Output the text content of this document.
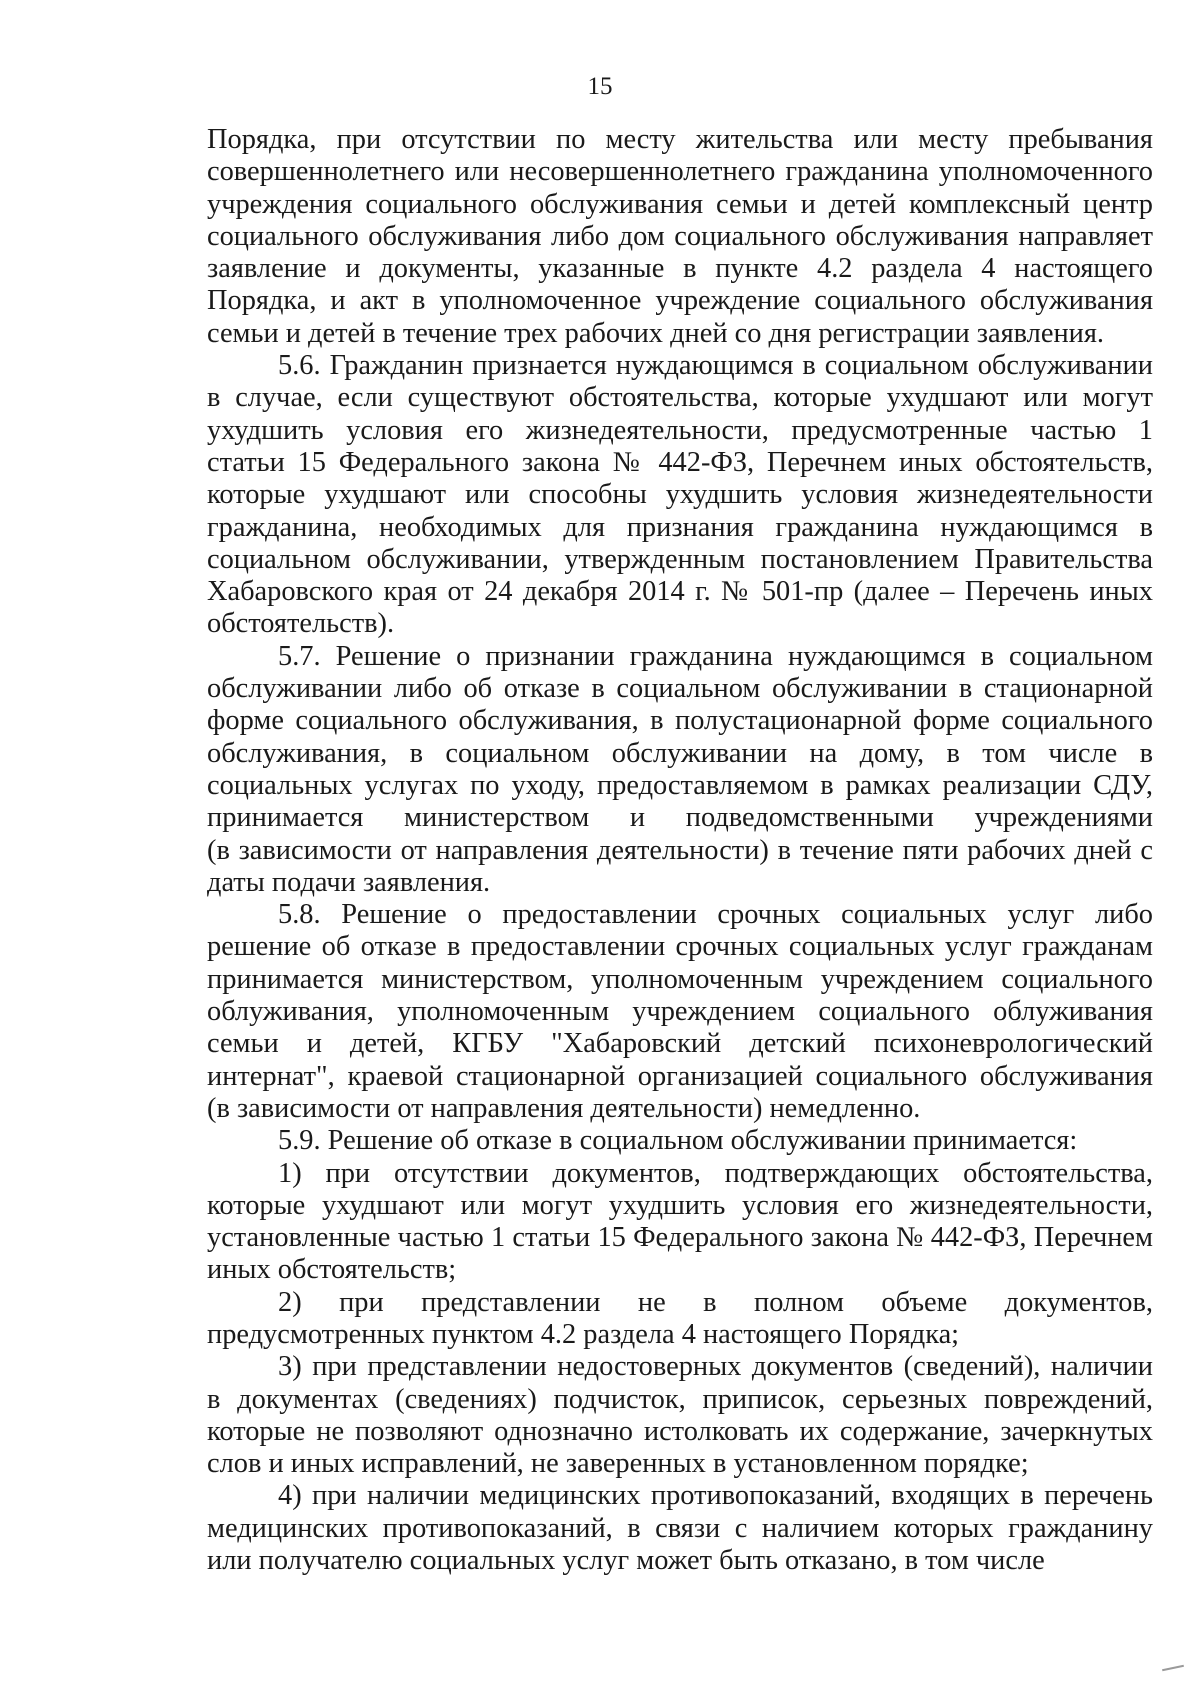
15
Порядка, при отсутствии по месту жительства или месту пребывания
совершеннолетнего или несовершеннолетнего гражданина уполномоченного
учреждения социального обслуживания семьи и детей комплексный центр
социального обслуживания либо дом социального обслуживания направляет
заявление и документы, указанные в пункте 4.2 раздела 4 настоящего
Порядка, и акт в уполномоченное учреждение социального обслуживания
семьи и детей в течение трех рабочих дней со дня регистрации заявления.
5.6. Гражданин признается нуждающимся в социальном обслуживании
в случае, если существуют обстоятельства, которые ухудшают или могут
ухудшить условия его жизнедеятельности, предусмотренные частью 1
статьи 15 Федерального закона № 442-ФЗ, Перечнем иных обстоятельств,
которые ухудшают или способны ухудшить условия жизнедеятельности
гражданина, необходимых для признания гражданина нуждающимся в
социальном обслуживании, утвержденным постановлением Правительства
Хабаровского края от 24 декабря 2014 г. № 501-пр (далее – Перечень иных
обстоятельств).
5.7. Решение о признании гражданина нуждающимся в социальном
обслуживании либо об отказе в социальном обслуживании в стационарной
форме социального обслуживания, в полустационарной форме социального
обслуживания, в социальном обслуживании на дому, в том числе в
социальных услугах по уходу, предоставляемом в рамках реализации СДУ,
принимается министерством и подведомственными учреждениями
(в зависимости от направления деятельности) в течение пяти рабочих дней с
даты подачи заявления.
5.8. Решение о предоставлении срочных социальных услуг либо
решение об отказе в предоставлении срочных социальных услуг гражданам
принимается министерством, уполномоченным учреждением социального
облуживания, уполномоченным учреждением социального облуживания
семьи и детей, КГБУ "Хабаровский детский психоневрологический
интернат", краевой стационарной организацией социального обслуживания
(в зависимости от направления деятельности) немедленно.
5.9. Решение об отказе в социальном обслуживании принимается:
1) при отсутствии документов, подтверждающих обстоятельства,
которые ухудшают или могут ухудшить условия его жизнедеятельности,
установленные частью 1 статьи 15 Федерального закона № 442-ФЗ, Перечнем
иных обстоятельств;
2) при представлении не в полном объеме документов,
предусмотренных пунктом 4.2 раздела 4 настоящего Порядка;
3) при представлении недостоверных документов (сведений), наличии
в документах (сведениях) подчисток, приписок, серьезных повреждений,
которые не позволяют однозначно истолковать их содержание, зачеркнутых
слов и иных исправлений, не заверенных в установленном порядке;
4) при наличии медицинских противопоказаний, входящих в перечень
медицинских противопоказаний, в связи с наличием которых гражданину
или получателю социальных услуг может быть отказано, в том числе
